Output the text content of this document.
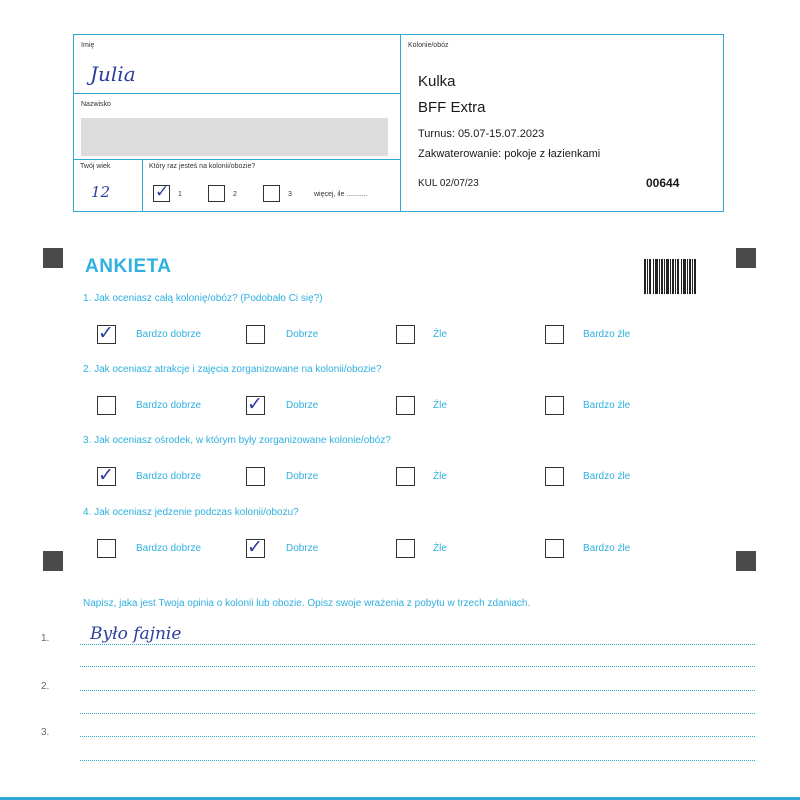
Imię
Julia
Nazwisko
Twój wiek
12
Który raz jesteś na kolonii/obozie?
✓ 1	2	3	więcej, ile ...........
Kolonie/obóz
Kulka
BFF Extra
Turnus: 05.07-15.07.2023
Zakwaterowanie: pokoje z łazienkami
KUL 02/07/23	00644
ANKIETA
1. Jak oceniasz całą kolonię/obóz? (Podobało Ci się?)
✓ Bardzo dobrze	Dobrze	Źle	Bardzo źle
2. Jak oceniasz atrakcje i zajęcia zorganizowane na kolonii/obozie?
Bardzo dobrze ✓ Dobrze	Źle	Bardzo źle
3. Jak oceniasz ośrodek, w którym były zorganizowane kolonie/obóz?
✓ Bardzo dobrze	Dobrze	Źle	Bardzo źle
4. Jak oceniasz jedzenie podczas kolonii/obozu?
Bardzo dobrze ✓ Dobrze	Źle	Bardzo źle
Napisz, jaka jest Twoja opinia o kolonii lub obozie. Opisz swoje wrażenia z pobytu w trzech zdaniach.
1.
2.
3.
Było fajnie
